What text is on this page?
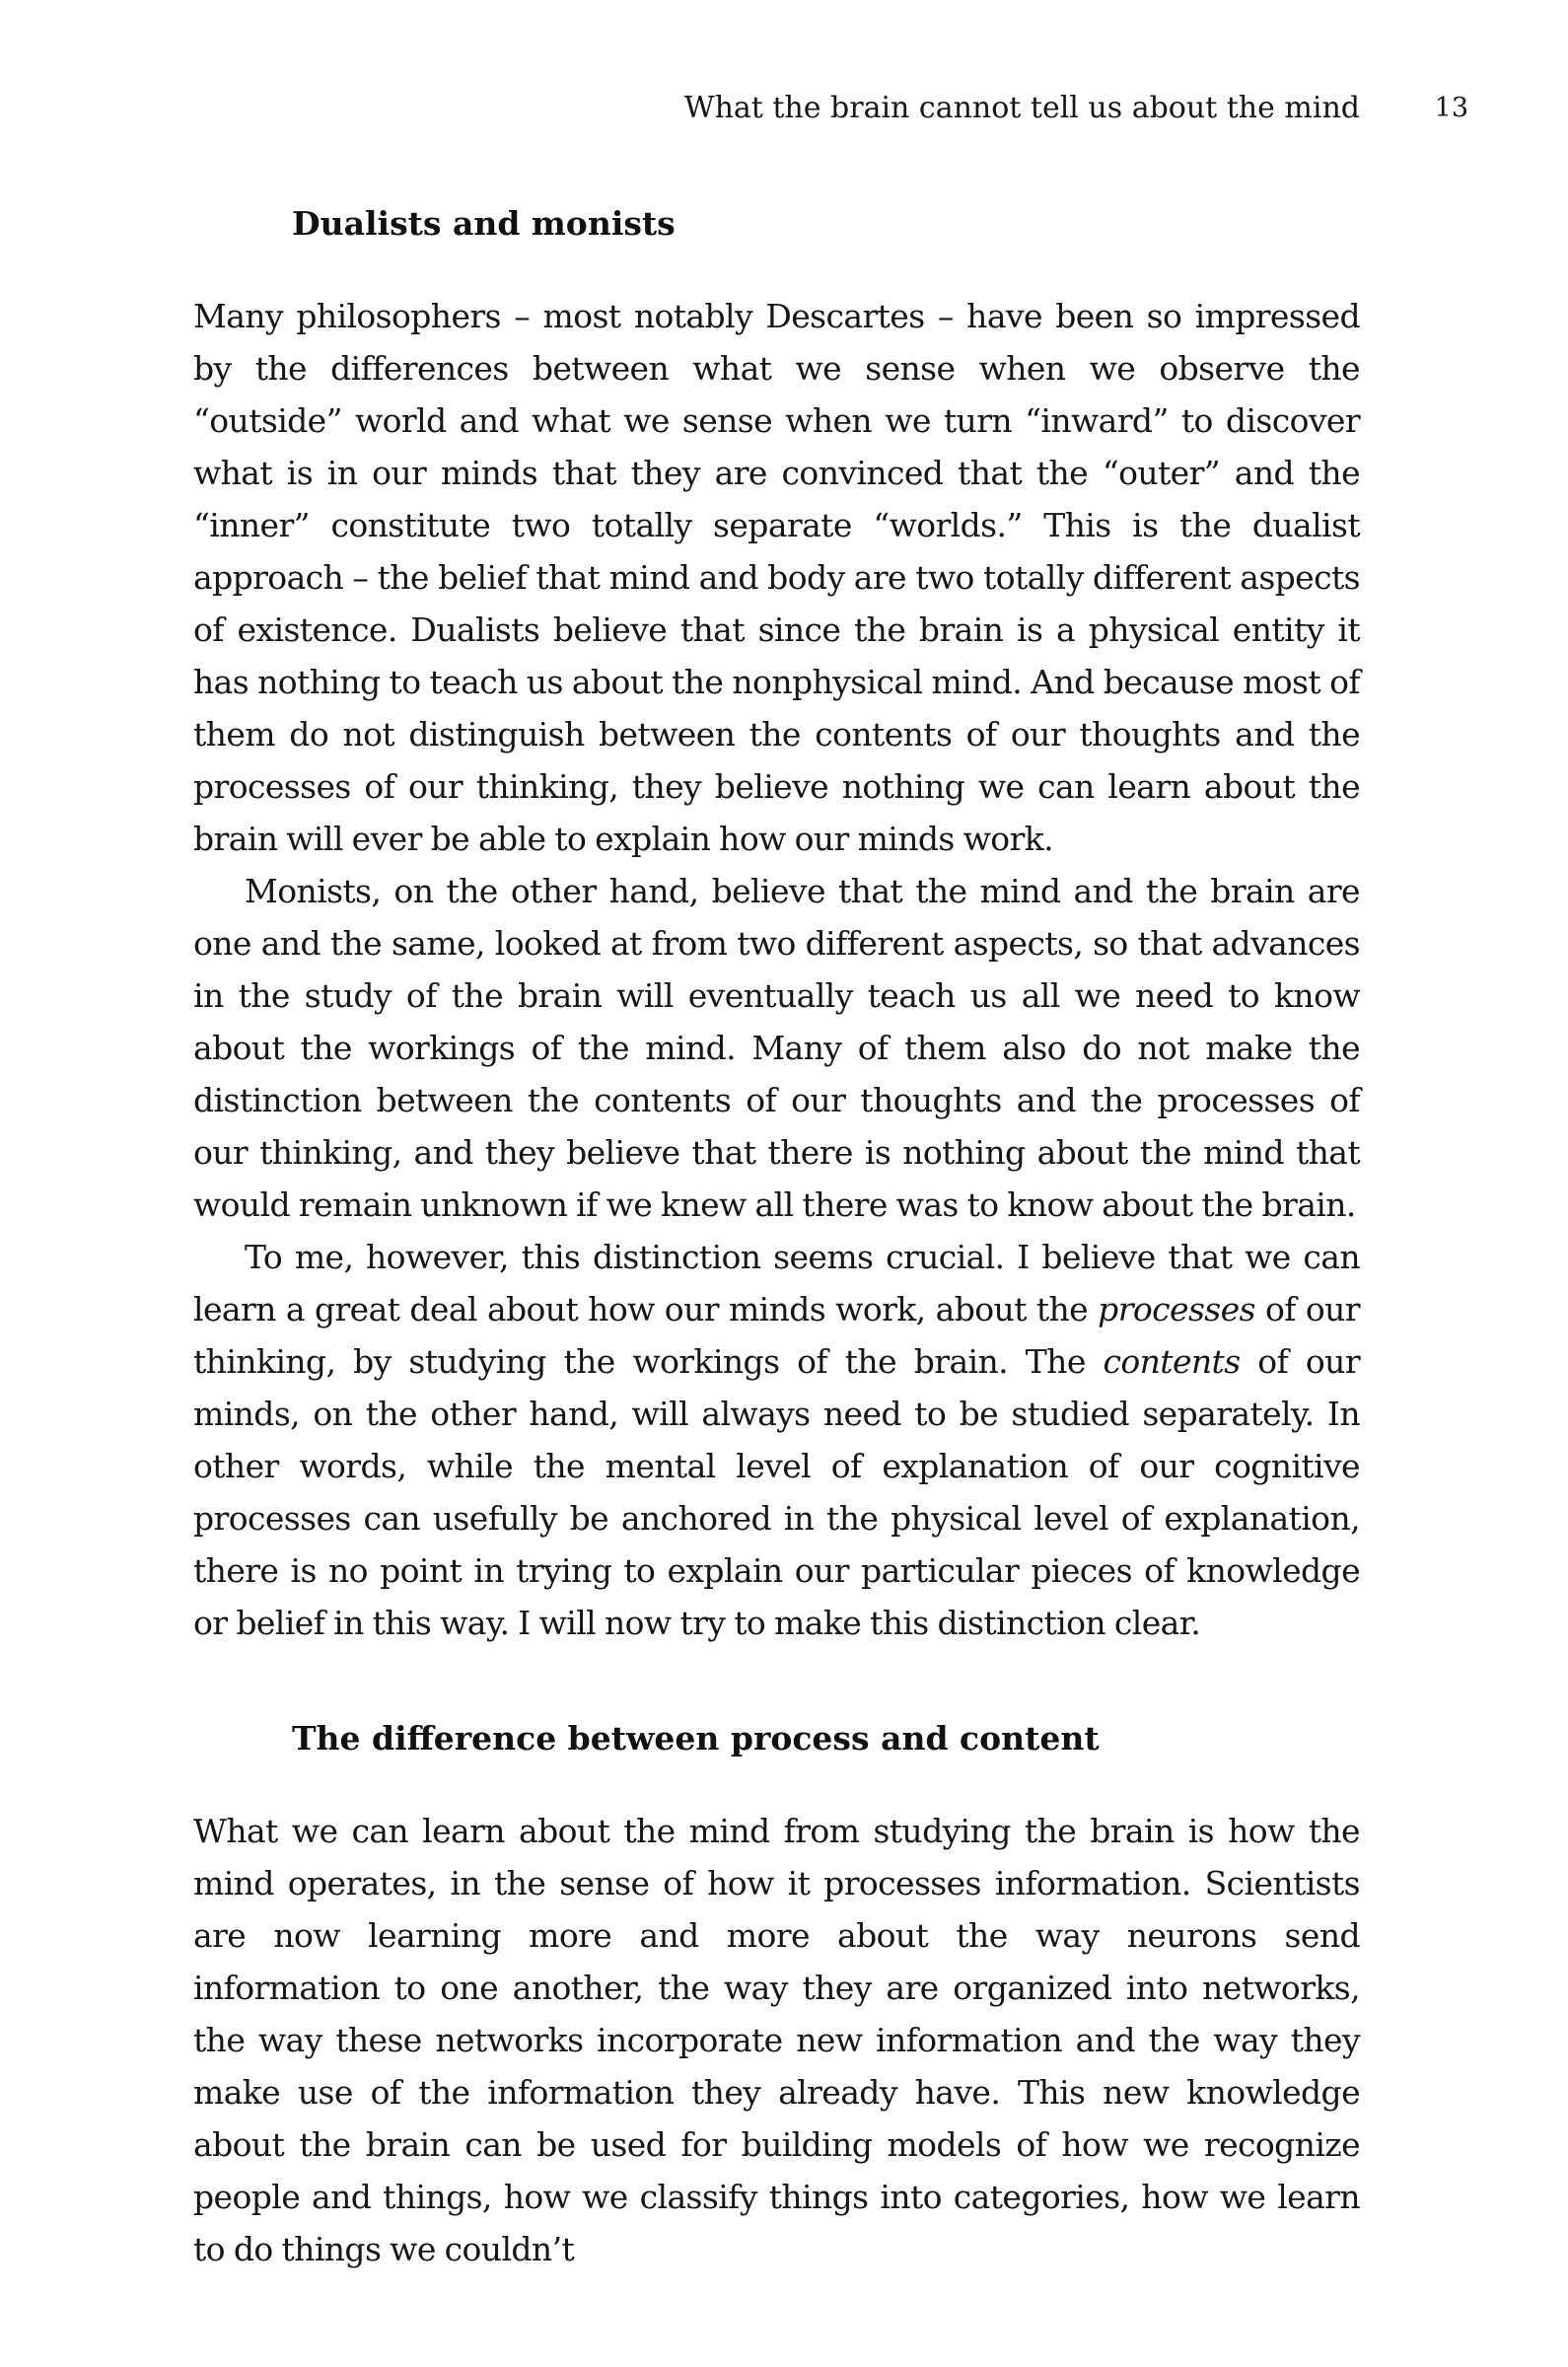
What the brain cannot tell us about the mind	13
Dualists and monists

Many philosophers – most notably Descartes – have been so impressed by the differences between what we sense when we observe the “outside” world and what we sense when we turn “inward” to discover what is in our minds that they are convinced that the “outer” and the “inner” constitute two totally separate “worlds.” This is the dualist approach – the belief that mind and body are two totally different aspects of existence. Dualists believe that since the brain is a physical entity it has nothing to teach us about the nonphysical mind. And because most of them do not distinguish between the contents of our thoughts and the processes of our thinking, they believe nothing we can learn about the brain will ever be able to explain how our minds work.

Monists, on the other hand, believe that the mind and the brain are one and the same, looked at from two different aspects, so that advances in the study of the brain will eventually teach us all we need to know about the workings of the mind. Many of them also do not make the distinction between the contents of our thoughts and the processes of our thinking, and they believe that there is nothing about the mind that would remain unknown if we knew all there was to know about the brain.

To me, however, this distinction seems crucial. I believe that we can learn a great deal about how our minds work, about the processes of our thinking, by studying the workings of the brain. The contents of our minds, on the other hand, will always need to be studied separately. In other words, while the mental level of explanation of our cognitive processes can usefully be anchored in the physical level of explanation, there is no point in trying to explain our particular pieces of knowledge or belief in this way. I will now try to make this distinction clear.

The difference between process and content

What we can learn about the mind from studying the brain is how the mind operates, in the sense of how it processes information. Scientists are now learning more and more about the way neurons send information to one another, the way they are organized into networks, the way these networks incorporate new information and the way they make use of the information they already have. This new knowledge about the brain can be used for building models of how we recognize people and things, how we classify things into categories, how we learn to do things we couldn’t
